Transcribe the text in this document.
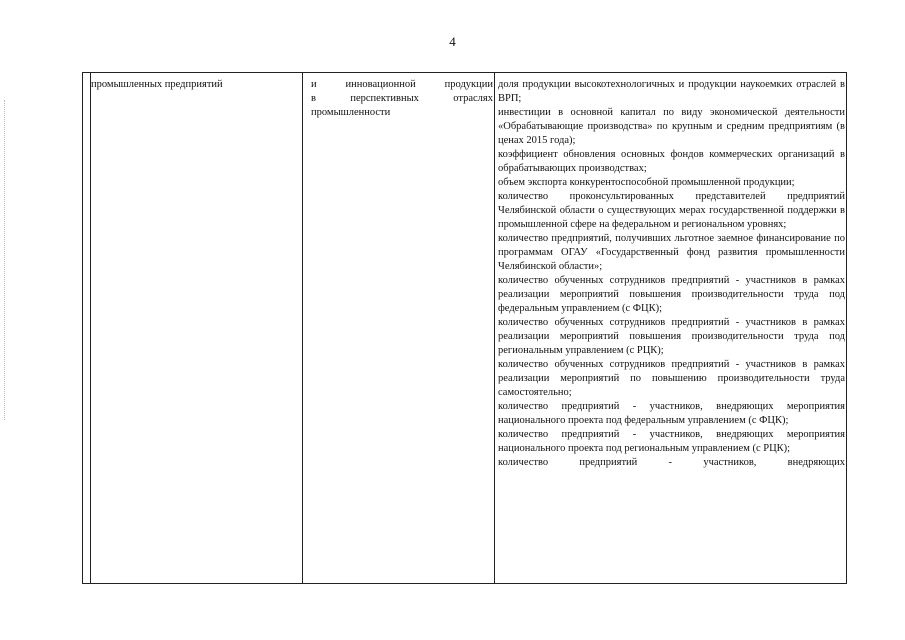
4
промышленных предприятий	и инновационной продукции
в перспективных отраслях
промышленности

доля продукции высокотехнологичных и продукции наукоемких отраслей в ВРП;

инвестиции в основной капитал по виду экономической деятельности «Обрабатывающие производства» по крупным и средним предприятиям (в ценах 2015 года);

коэффициент обновления основных фондов коммерческих организаций в обрабатывающих производствах;

объем экспорта конкурентоспособной промышленной продукции;

количество проконсультированных представителей предприятий Челябинской области о существующих мерах государственной поддержки в промышленной сфере на федеральном и региональном уровнях;

количество предприятий, получивших льготное заемное финансирование по программам ОГАУ «Государственный фонд развития промышленности Челябинской области»;

количество обученных сотрудников предприятий - участников в рамках реализации мероприятий повышения производительности труда под федеральным управлением (с ФЦК);

количество обученных сотрудников предприятий - участников в рамках реализации мероприятий повышения производительности труда под региональным управлением (с РЦК);

количество обученных сотрудников предприятий - участников в рамках реализации мероприятий по повышению производительности труда самостоятельно;

количество предприятий - участников, внедряющих мероприятия национального проекта под федеральным управлением (с ФЦК);

количество предприятий - участников, внедряющих мероприятия национального проекта под региональным управлением (с РЦК);

количество предприятий - участников, внедряющих
